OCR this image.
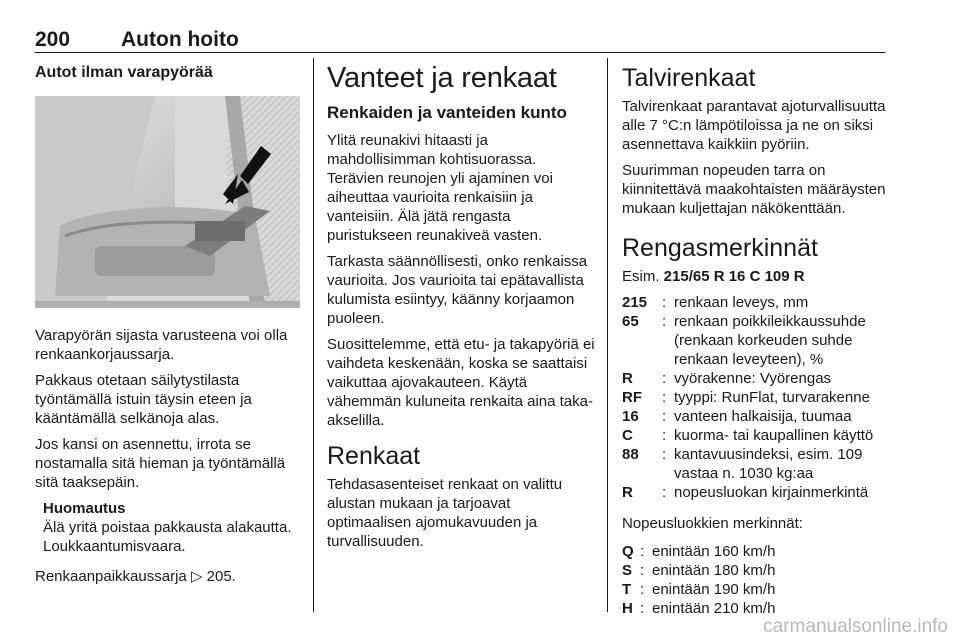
200 Auton hoito
Autot ilman varapyörää

Varapyörän sijasta varusteena voi olla renkaankorjaussarja.

Pakkaus otetaan säilytystilasta työntämällä istuin täysin eteen ja kääntämällä selkänoja alas.

Jos kansi on asennettu, irrota se nostamalla sitä hieman ja työntämällä sitä taaksepäin.

Huomautus
Älä yritä poistaa pakkausta alakautta. Loukkaantumisvaara.

Renkaanpaikkaussarja ▷ 205.

Vanteet ja renkaat
Renkaiden ja vanteiden kunto

Ylitä reunakivi hitaasti ja mahdollisimman kohtisuorassa. Terävien reunojen yli ajaminen voi aiheuttaa vaurioita renkaisiin ja vanteisiin. Älä jätä rengasta puristukseen reunakiveä vasten.

Tarkasta säännöllisesti, onko renkaissa vaurioita. Jos vaurioita tai epätavallista kulumista esiintyy, käänny korjaamon puoleen.

Suosittelemme, että etu- ja takapyöriä ei vaihdeta keskenään, koska se saattaisi vaikuttaa ajovakauteen. Käytä vähemmän kuluneita renkaita aina taka-akselilla.

Renkaat

Tehdasasenteiset renkaat on valittu alustan mukaan ja tarjoavat optimaalisen ajomukavuuden ja turvallisuuden.

Talvirenkaat

Talvirenkaat parantavat ajoturvallisuutta alle 7 °C:n lämpötiloissa ja ne on siksi asennettava kaikkiin pyöriin.

Suurimman nopeuden tarra on kiinnitettävä maakohtaisten määräysten mukaan kuljettajan näkökenttään.

Rengasmerkinnät

Esim. 215/65 R 16 C 109 R

215 : renkaan leveys, mm
65	: renkaan poikkileikkaussuhde (renkaan korkeuden suhde renkaan leveyteen), %
R	: vyörakenne: Vyörengas
RF	: tyyppi: RunFlat, turvarakenne
16	: vanteen halkaisija, tuumaa
C	: kuorma- tai kaupallinen käyttö
88	: kantavuusindeksi, esim. 109 vastaa n. 1030 kg:aa
R	: nopeusluokan kirjainmerkintä

Nopeusluokkien merkinnät:

Q : enintään 160 km/h
S : enintään 180 km/h
T : enintään 190 km/h
H : enintään 210 km/h
carmanualsonline.info
